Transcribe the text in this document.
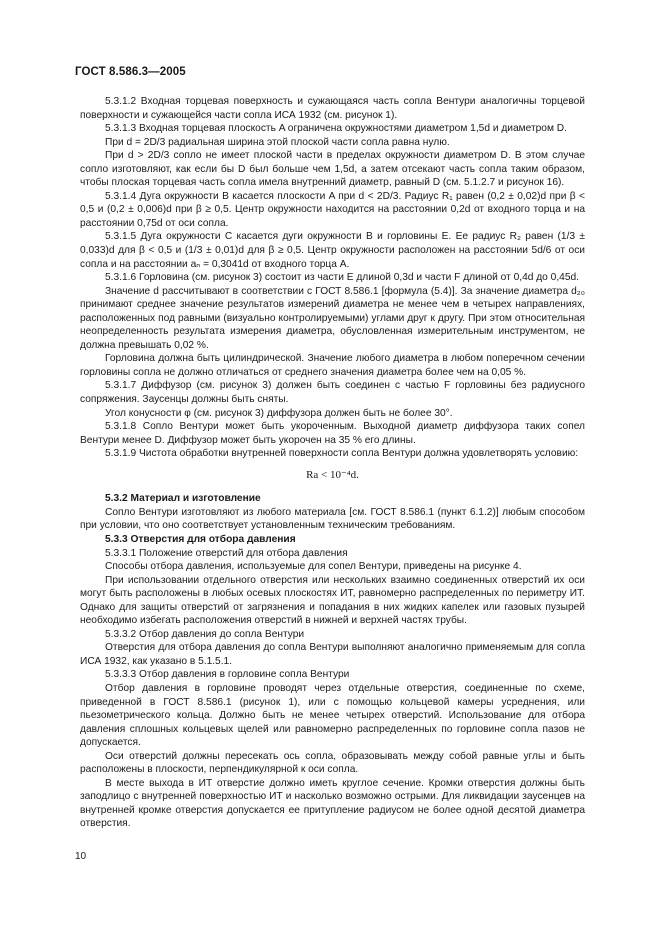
ГОСТ 8.586.3—2005

5.3.1.2 Входная торцевая поверхность и сужающаяся часть сопла Вентури аналогичны торцевой поверхности и сужающейся части сопла ИСА 1932 (см. рисунок 1).

5.3.1.3 Входная торцевая плоскость A ограничена окружностями диаметром 1,5d и диаметром D.

При d = 2D/3 радиальная ширина этой плоской части сопла равна нулю.

При d > 2D/3 сопло не имеет плоской части в пределах окружности диаметром D. В этом случае сопло изготовляют, как если бы D был больше чем 1,5d, а затем отсекают часть сопла таким образом, чтобы плоская торцевая часть сопла имела внутренний диаметр, равный D (см. 5.1.2.7 и рисунок 16).

5.3.1.4 Дуга окружности B касается плоскости A при d < 2D/3. Радиус R₁ равен (0,2 ± 0,02)d при β < 0,5 и (0,2 ± 0,006)d при β ≥ 0,5. Центр окружности находится на расстоянии 0,2d от входного торца и на расстоянии 0,75d от оси сопла.

5.3.1.5 Дуга окружности C касается дуги окружности B и горловины E. Ее радиус R₂ равен (1/3 ± 0,033)d для β < 0,5 и (1/3 ± 0,01)d для β ≥ 0,5. Центр окружности расположен на расстоянии 5d/6 от оси сопла и на расстоянии aₙ = 0,3041d от входного торца A.

5.3.1.6 Горловина (см. рисунок 3) состоит из части E длиной 0,3d и части F длиной от 0,4d до 0,45d.

Значение d рассчитывают в соответствии с ГОСТ 8.586.1 [формула (5.4)]. За значение диаметра d₂₀ принимают среднее значение результатов измерений диаметра не менее чем в четырех направлениях, расположенных под равными (визуально контролируемыми) углами друг к другу. При этом относительная неопределенность результата измерения диаметра, обусловленная измерительным инструментом, не должна превышать 0,02 %.

Горловина должна быть цилиндрической. Значение любого диаметра в любом поперечном сечении горловины сопла не должно отличаться от среднего значения диаметра более чем на 0,05 %.

5.3.1.7 Диффузор (см. рисунок 3) должен быть соединен с частью F горловины без радиусного сопряжения. Заусенцы должны быть сняты.

Угол конусности φ (см. рисунок 3) диффузора должен быть не более 30°.

5.3.1.8 Сопло Вентури может быть укороченным. Выходной диаметр диффузора таких сопел Вентури менее D. Диффузор может быть укорочен на 35 % его длины.

5.3.1.9 Чистота обработки внутренней поверхности сопла Вентури должна удовлетворять условию:

Ra < 10⁻⁴d.

5.3.2 Материал и изготовление

Сопло Вентури изготовляют из любого материала [см. ГОСТ 8.586.1 (пункт 6.1.2)] любым способом при условии, что оно соответствует установленным техническим требованиям.

5.3.3 Отверстия для отбора давления

5.3.3.1 Положение отверстий для отбора давления

Способы отбора давления, используемые для сопел Вентури, приведены на рисунке 4.

При использовании отдельного отверстия или нескольких взаимно соединенных отверстий их оси могут быть расположены в любых осевых плоскостях ИТ, равномерно распределенных по периметру ИТ. Однако для защиты отверстий от загрязнения и попадания в них жидких капелек или газовых пузырей необходимо избегать расположения отверстий в нижней и верхней частях трубы.

5.3.3.2 Отбор давления до сопла Вентури

Отверстия для отбора давления до сопла Вентури выполняют аналогично применяемым для сопла ИСА 1932, как указано в 5.1.5.1.

5.3.3.3 Отбор давления в горловине сопла Вентури

Отбор давления в горловине проводят через отдельные отверстия, соединенные по схеме, приведенной в ГОСТ 8.586.1 (рисунок 1), или с помощью кольцевой камеры усреднения, или пьезометрического кольца. Должно быть не менее четырех отверстий. Использование для отбора давления сплошных кольцевых щелей или равномерно распределенных по горловине сопла пазов не допускается.

Оси отверстий должны пересекать ось сопла, образовывать между собой равные углы и быть расположены в плоскости, перпендикулярной к оси сопла.

В месте выхода в ИТ отверстие должно иметь круглое сечение. Кромки отверстия должны быть заподлицо с внутренней поверхностью ИТ и насколько возможно острыми. Для ликвидации заусенцев на внутренней кромке отверстия допускается ее притупление радиусом не более одной десятой диаметра отверстия.

10
